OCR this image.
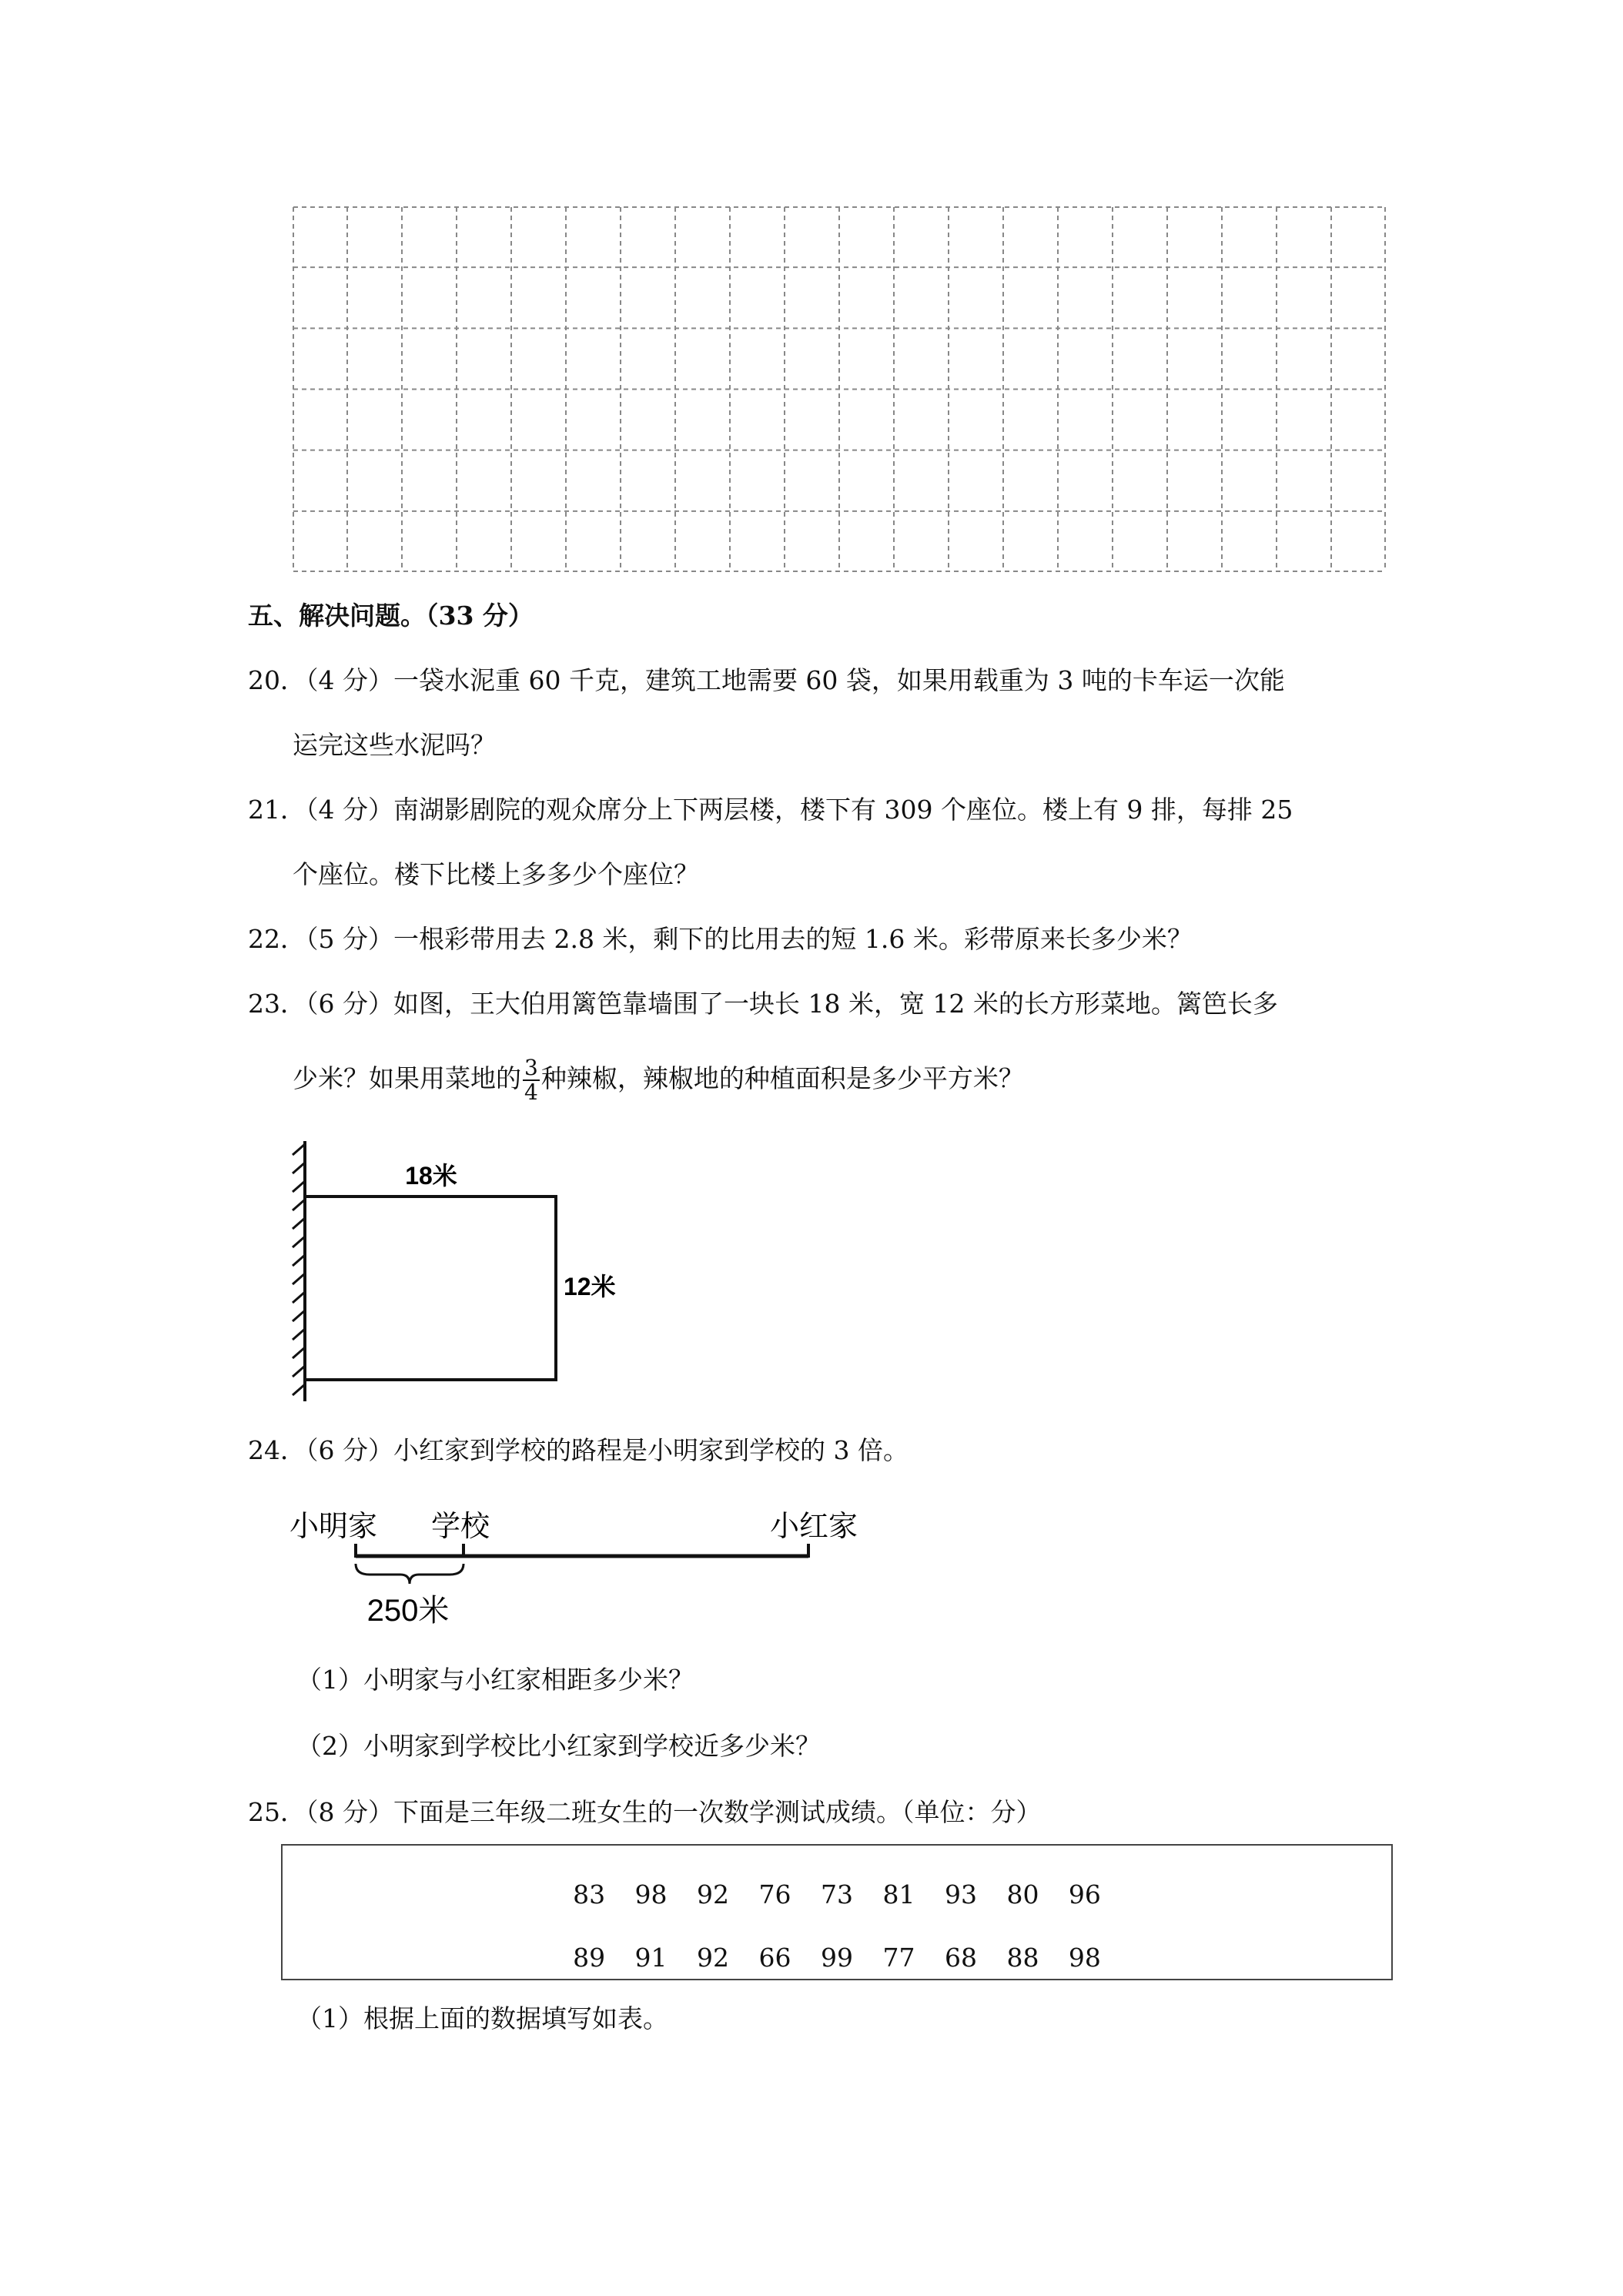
五、解决问题。（33 分）
20．（4 分）一袋水泥重 60 千克，建筑工地需要 60 袋，如果用载重为 3 吨的卡车运一次能
运完这些水泥吗？
21．（4 分）南湖影剧院的观众席分上下两层楼，楼下有 309 个座位。楼上有 9 排，每排 25
个座位。楼下比楼上多多少个座位？
22．（5 分）一根彩带用去 2.8 米，剩下的比用去的短 1.6 米。彩带原来长多少米？
23．（6 分）如图，王大伯用篱笆靠墙围了一块长 18 米，宽 12 米的长方形菜地。篱笆长多
少米？如果用菜地的 $\frac{3}{4}$ 种辣椒，辣椒地的种植面积是多少平方米？
18米
12米
24．（6 分）小红家到学校的路程是小明家到学校的 3 倍。
小明家 学校	小红家
250米
（1）小明家与小红家相距多少米？
（2）小明家到学校比小红家到学校近多少米？
25．（8 分）下面是三年级二班女生的一次数学测试成绩。（单位：分）
83 98 92 76 73 81 93 80 96
89 91 92 66 99 77 68 88 98
（1）根据上面的数据填写如表。
